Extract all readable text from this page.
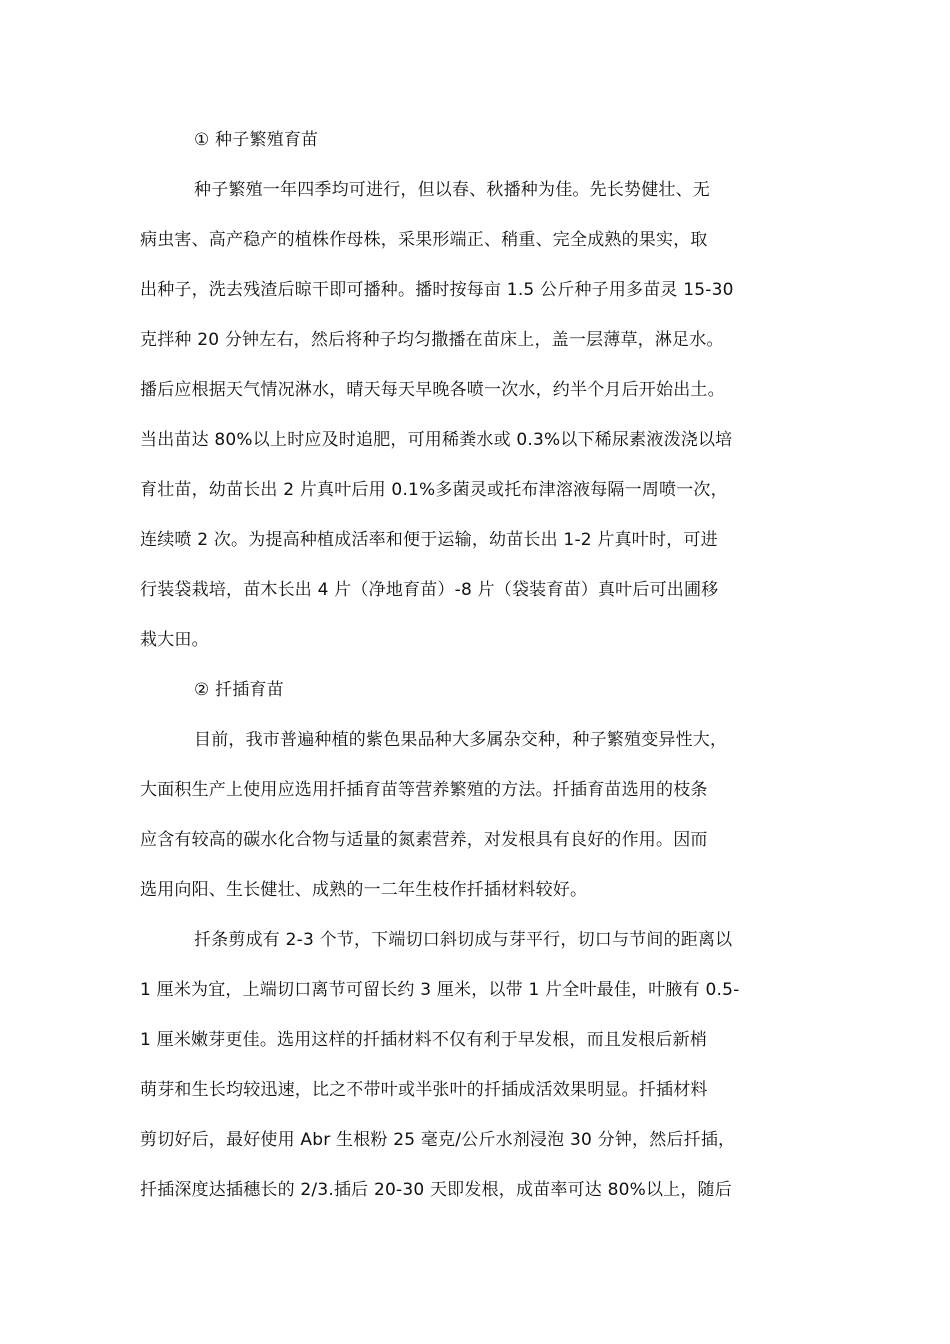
① 种子繁殖育苗
种子繁殖一年四季均可进行，但以春、秋播种为佳。先长势健壮、无
病虫害、高产稳产的植株作母株，采果形端正、稍重、完全成熟的果实，取
出种子，洗去残渣后晾干即可播种。播时按每亩 1.5 公斤种子用多苗灵 15-30
克拌种 20 分钟左右，然后将种子均匀撒播在苗床上，盖一层薄草，淋足水。
播后应根据天气情况淋水，晴天每天早晚各喷一次水，约半个月后开始出土。
当出苗达 80%以上时应及时追肥，可用稀粪水或 0.3%以下稀尿素液泼浇以培
育壮苗，幼苗长出 2 片真叶后用 0.1%多菌灵或托布津溶液每隔一周喷一次，
连续喷 2 次。为提高种植成活率和便于运输，幼苗长出 1-2 片真叶时，可进
行装袋栽培，苗木长出 4 片（净地育苗）-8 片（袋装育苗）真叶后可出圃移
栽大田。
② 扦插育苗
目前，我市普遍种植的紫色果品种大多属杂交种，种子繁殖变异性大，
大面积生产上使用应选用扦插育苗等营养繁殖的方法。扦插育苗选用的枝条
应含有较高的碳水化合物与适量的氮素营养，对发根具有良好的作用。因而
选用向阳、生长健壮、成熟的一二年生枝作扦插材料较好。
扦条剪成有 2-3 个节，下端切口斜切成与芽平行，切口与节间的距离以
1 厘米为宜，上端切口离节可留长约 3 厘米，以带 1 片全叶最佳，叶腋有 0.5-
1 厘米嫩芽更佳。选用这样的扦插材料不仅有利于早发根，而且发根后新梢
萌芽和生长均较迅速，比之不带叶或半张叶的扦插成活效果明显。扦插材料
剪切好后，最好使用 Abr 生根粉 25 毫克/公斤水剂浸泡 30 分钟，然后扦插，
扦插深度达插穗长的 2/3.插后 20-30 天即发根，成苗率可达 80%以上，随后
